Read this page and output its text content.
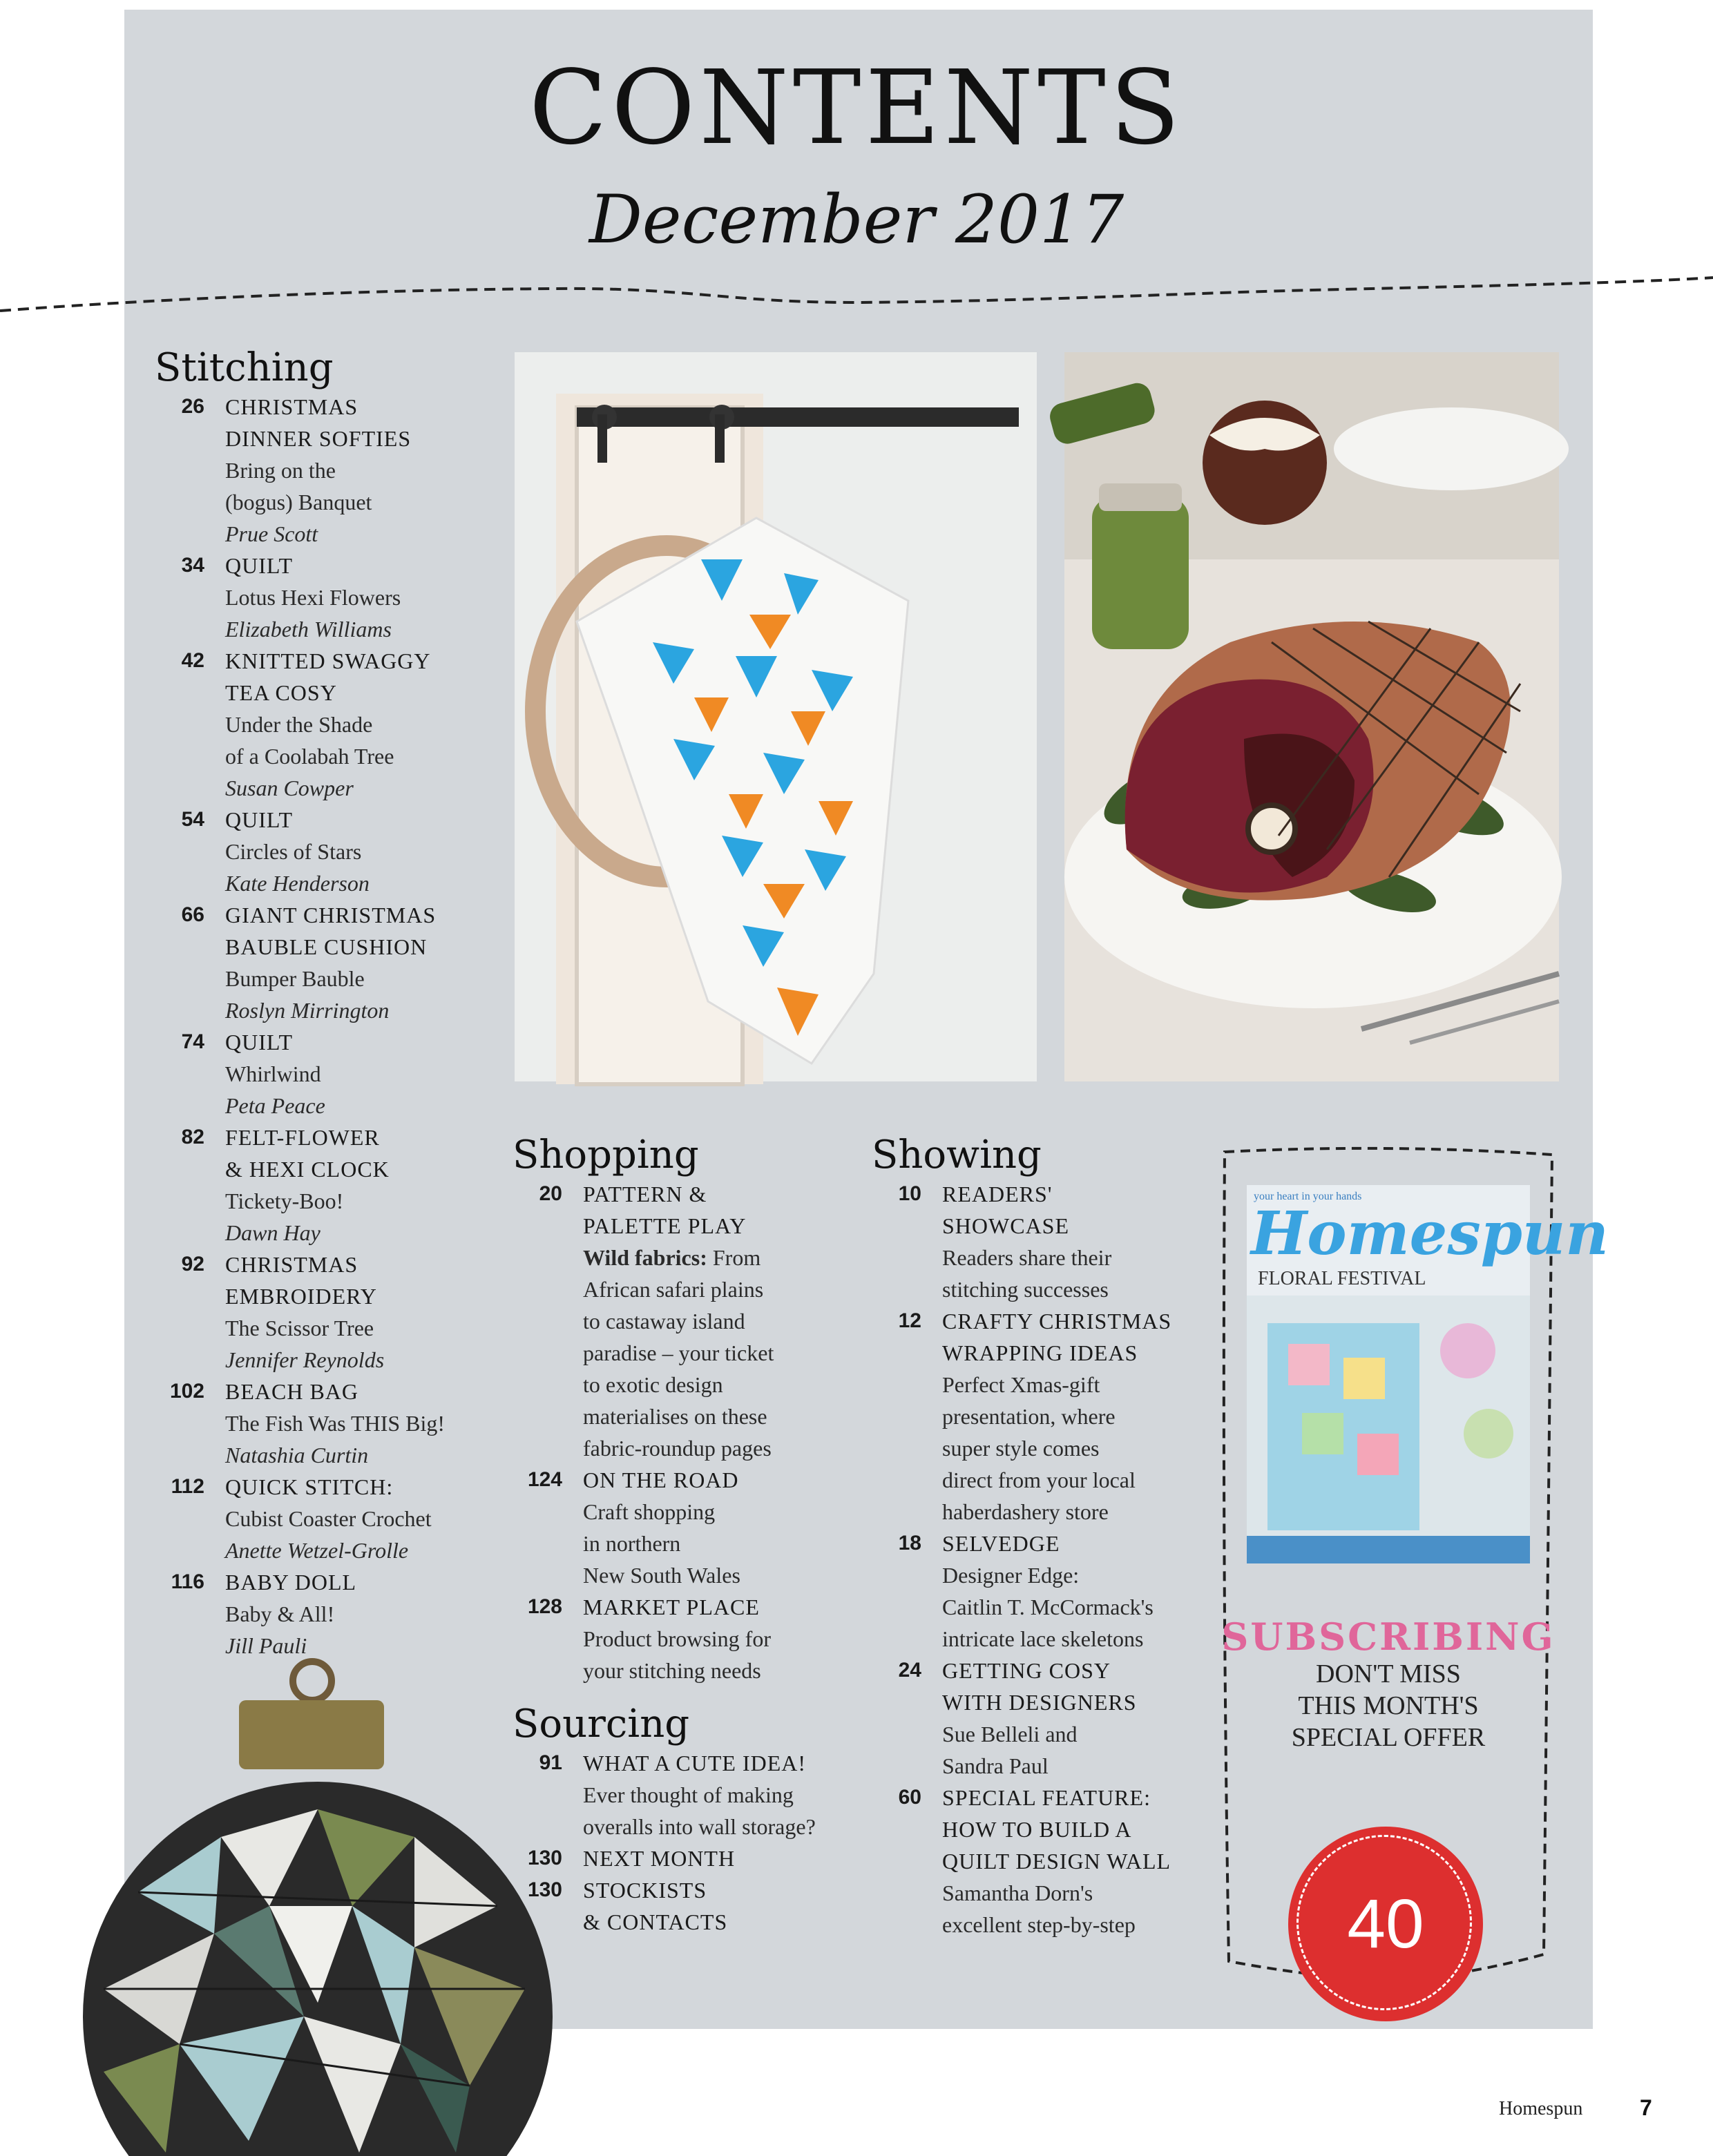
CONTENTS
December 2017
Stitching
26 CHRISTMAS
DINNER SOFTIES
Bring on the
(bogus) Banquet
Prue Scott
34 QUILT
Lotus Hexi Flowers
Elizabeth Williams
42 KNITTED SWAGGY
TEA COSY
Under the Shade
of a Coolabah Tree
Susan Cowper
54 QUILT
Circles of Stars
Kate Henderson
66 GIANT CHRISTMAS
BAUBLE CUSHION
Bumper Bauble
Roslyn Mirrington
74 QUILT
Whirlwind
Peta Peace
82 FELT-FLOWER
& HEXI CLOCK
Tickety-Boo!
Dawn Hay
92 CHRISTMAS
EMBROIDERY
The Scissor Tree
Jennifer Reynolds
102 BEACH BAG
The Fish Was THIS Big!
Natashia Curtin
112 QUICK STITCH:
Cubist Coaster Crochet
Anette Wetzel-Grolle
116 BABY DOLL
Baby & All!
Jill Pauli
Shopping
20 PATTERN &
PALETTE PLAY
Wild fabrics: From
African safari plains
to castaway island
paradise – your ticket
to exotic design
materialises on these
fabric-roundup pages
124 ON THE ROAD
Craft shopping
in northern
New South Wales
128 MARKET PLACE
Product browsing for
your stitching needs
Sourcing
91 WHAT A CUTE IDEA!
Ever thought of making
overalls into wall storage?
130 NEXT MONTH
130 STOCKISTS
& CONTACTS
Showing
10 READERS'
SHOWCASE
Readers share their
stitching successes
12 CRAFTY CHRISTMAS
WRAPPING IDEAS
Perfect Xmas-gift
presentation, where
super style comes
direct from your local
haberdashery store
18 SELVEDGE
Designer Edge:
Caitlin T. McCormack's
intricate lace skeletons
24 GETTING COSY
WITH DESIGNERS
Sue Belleli and
Sandra Paul
60 SPECIAL FEATURE:
HOW TO BUILD A
QUILT DESIGN WALL
Samantha Dorn's
excellent step-by-step
your heart in your hands
Homespun
FLORAL FESTIVAL
SUBSCRIBING
DON'T MISS
THIS MONTH'S
SPECIAL OFFER
40
Homespun	7
